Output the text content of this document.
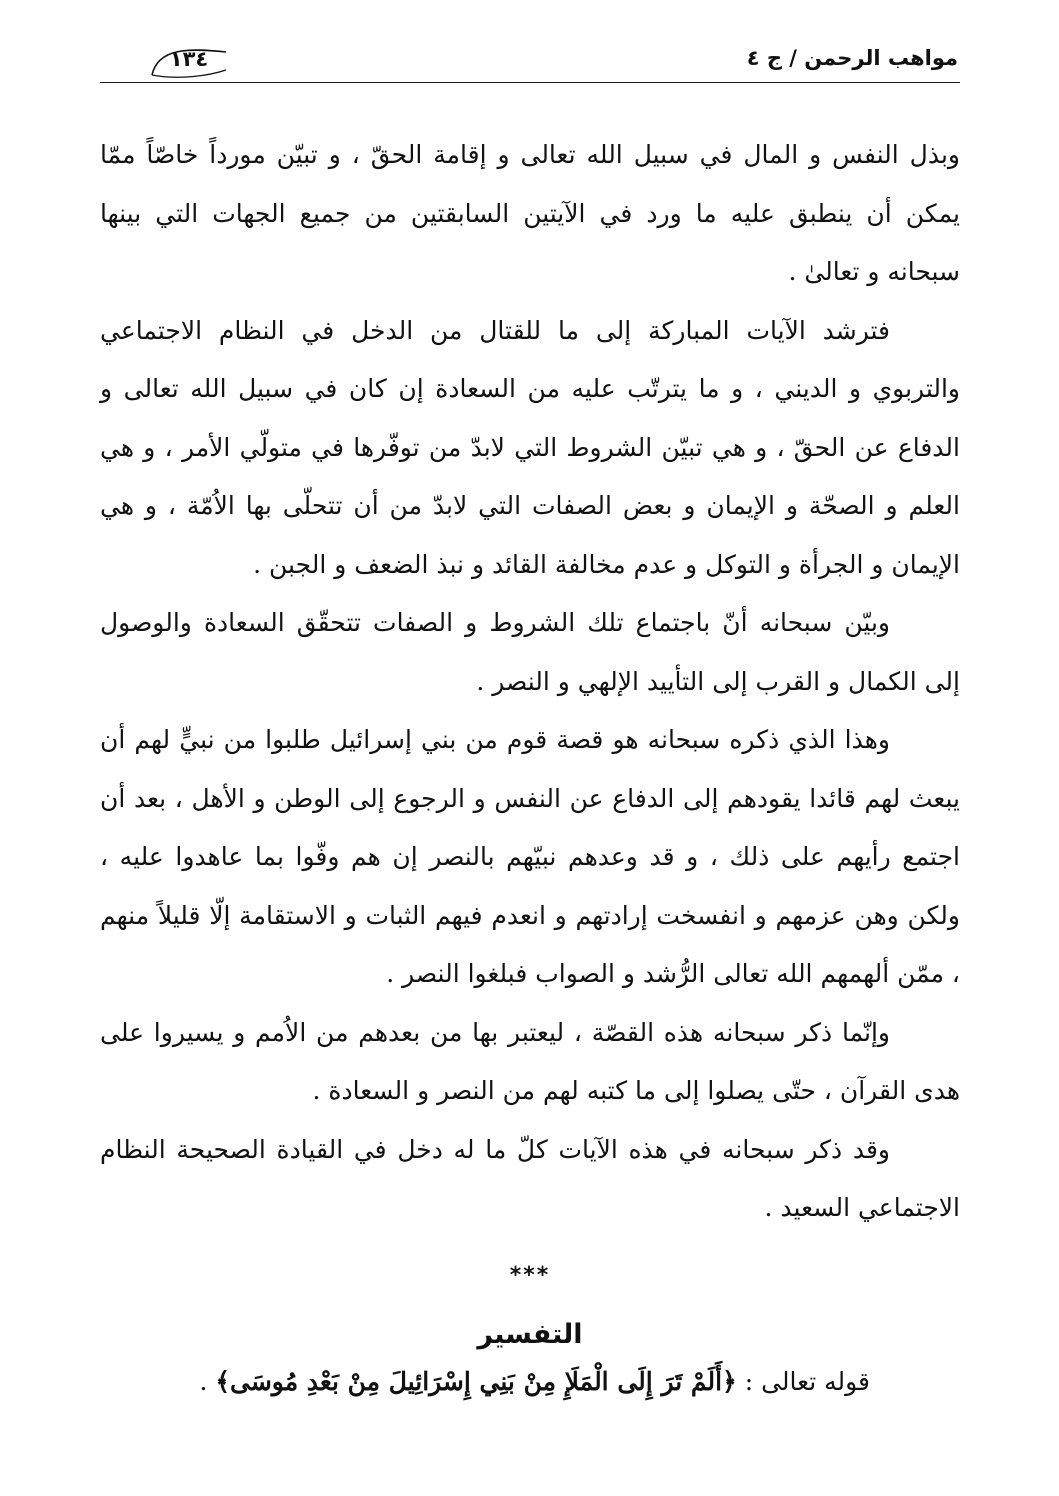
مواهب الرحمن / ج ٤
١٣٤

وبذل النفس و المال في سبيل الله تعالى و إقامة الحقّ ، و تبيّن مورداً خاصّاً ممّا يمكن أن ينطبق عليه ما ورد في الآيتين السابقتين من جميع الجهات التي بينها سبحانه و تعالىٰ .

فترشد الآيات المباركة إلى ما للقتال من الدخل في النظام الاجتماعي والتربوي و الديني ، و ما يترتّب عليه من السعادة إن كان في سبيل الله تعالى و الدفاع عن الحقّ ، و هي تبيّن الشروط التي لابدّ من توفّرها في متولّي الأمر ، و هي العلم و الصحّة و الإيمان و بعض الصفات التي لابدّ من أن تتحلّى بها الاُمّة ، و هي الإيمان و الجرأة و التوكل و عدم مخالفة القائد و نبذ الضعف و الجبن .

وبيّن سبحانه أنّ باجتماع تلك الشروط و الصفات تتحقّق السعادة والوصول إلى الكمال و القرب إلى التأييد الإلهي و النصر .

وهذا الذي ذكره سبحانه هو قصة قوم من بني إسرائيل طلبوا من نبيٍّ لهم أن يبعث لهم قائدا يقودهم إلى الدفاع عن النفس و الرجوع إلى الوطن و الأهل ، بعد أن اجتمع رأيهم على ذلك ، و قد وعدهم نبيّهم بالنصر إن هم وفّوا بما عاهدوا عليه ، ولكن وهن عزمهم و انفسخت إرادتهم و انعدم فيهم الثبات و الاستقامة إلّا قليلاً منهم ، ممّن ألهمهم الله تعالى الرُّشد و الصواب فبلغوا النصر .

وإنّما ذكر سبحانه هذه القصّة ، ليعتبر بها من بعدهم من الاُمم و يسيروا على هدى القرآن ، حتّى يصلوا إلى ما كتبه لهم من النصر و السعادة .

وقد ذكر سبحانه في هذه الآيات كلّ ما له دخل في القيادة الصحيحة النظام الاجتماعي السعيد .

***
التفسير
قوله تعالى : ﴿أَلَمْ تَرَ إِلَى الْمَلَإِ مِنْ بَنِي إِسْرَائِيلَ مِنْ بَعْدِ مُوسَى﴾ .
